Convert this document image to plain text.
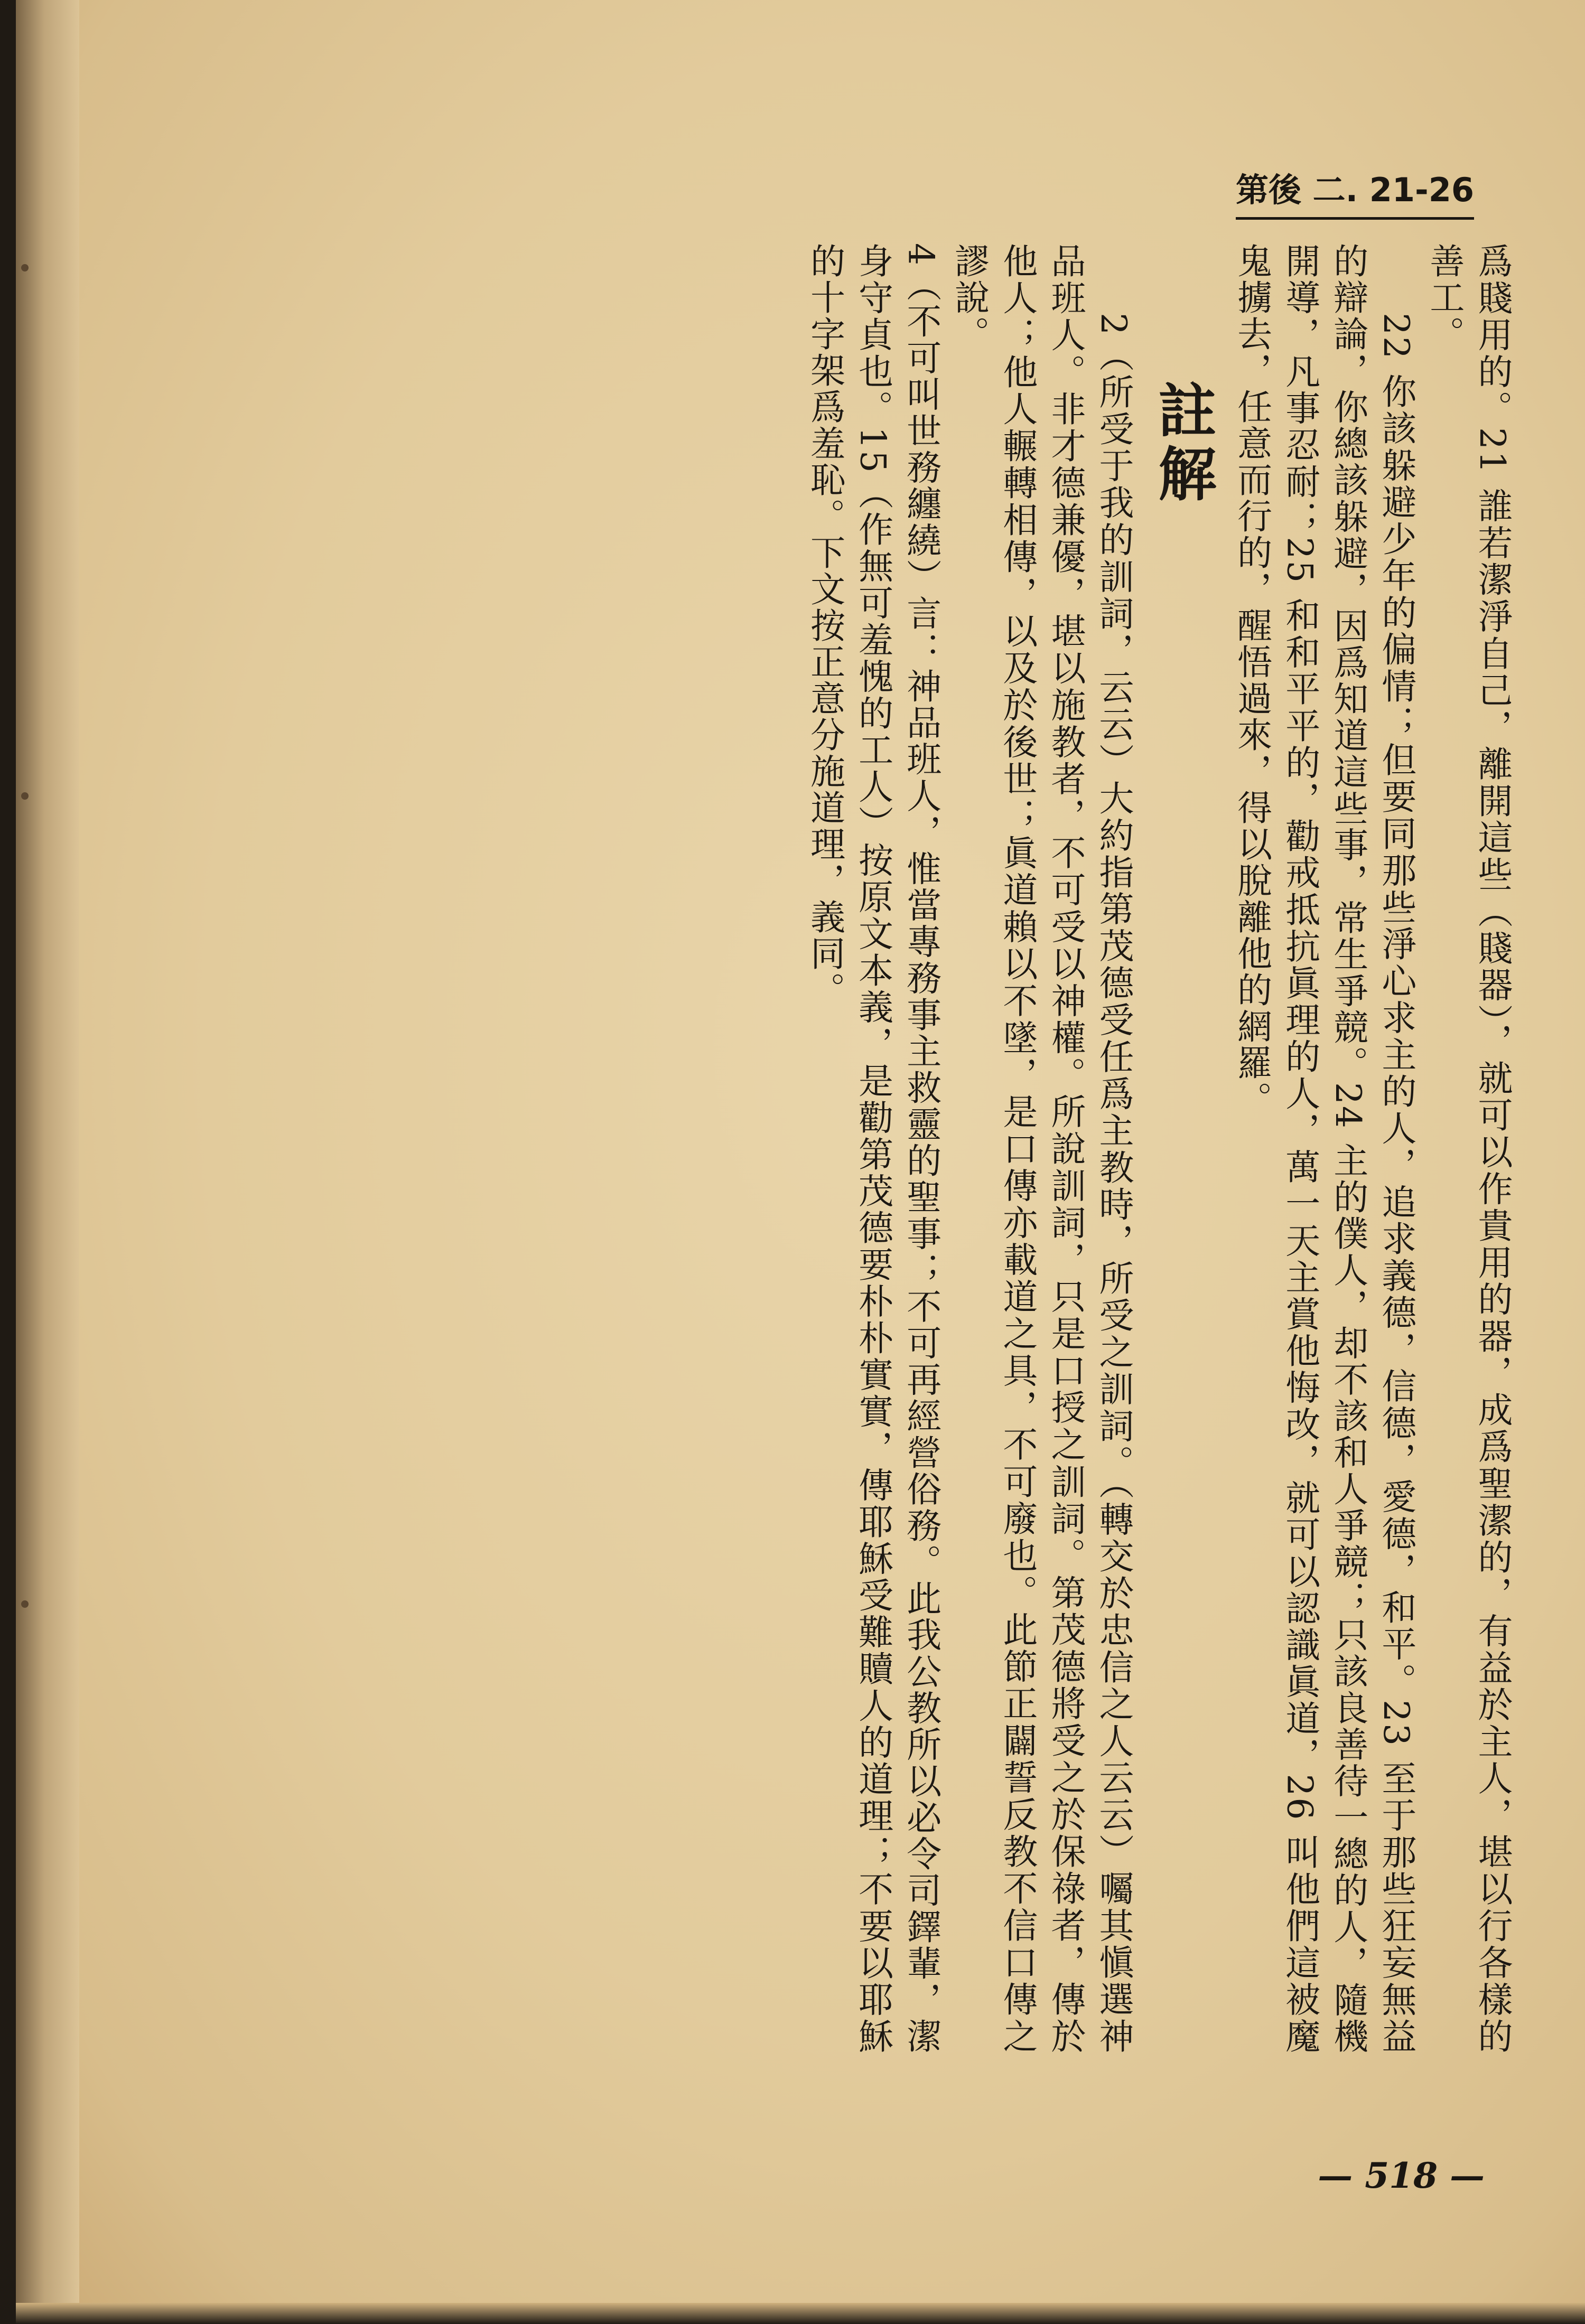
第後 二. 21-26

爲賤用的。21 誰若潔淨自己，離開這些（賤器），就可以作貴用的器，成爲聖潔的，有益於主人，堪以行各樣的善工。

22 你該躲避少年的偏情；但要同那些淨心求主的人，追求義德，信德，愛德，和平。23 至于那些狂妄無益的辯論，你總該躲避，因爲知道這些事，常生爭競。24 主的僕人，却不該和人爭競；只該良善待一總的人，隨機開導，凡事忍耐；25 和和平平的，勸戒抵抗眞理的人，萬一天主賞他悔改，就可以認識眞道，26 叫他們這被魔鬼擄去，任意而行的，醒悟過來，得以脫離他的網羅。

註解

2（所受于我的訓詞，云云）大約指第茂德受任爲主教時，所受之訓詞。（轉交於忠信之人云云）囑其愼選神品班人。非才德兼優，堪以施教者，不可受以神權。所說訓詞，只是口授之訓詞。第茂德將受之於保祿者，傳於他人；他人輾轉相傳，以及於後世；眞道賴以不墜，是口傳亦載道之具，不可廢也。此節正闢誓反教不信口傳之謬說。

4（不可叫世務纏繞）言：神品班人，惟當專務事主救靈的聖事；不可再經營俗務。此我公教所以必令司鐸輩，潔身守貞也。15（作無可羞愧的工人）按原文本義，是勸第茂德要朴朴實實，傳耶穌受難贖人的道理；不要以耶穌的十字架爲羞恥。下文按正意分施道理，義同。

— 518 —
